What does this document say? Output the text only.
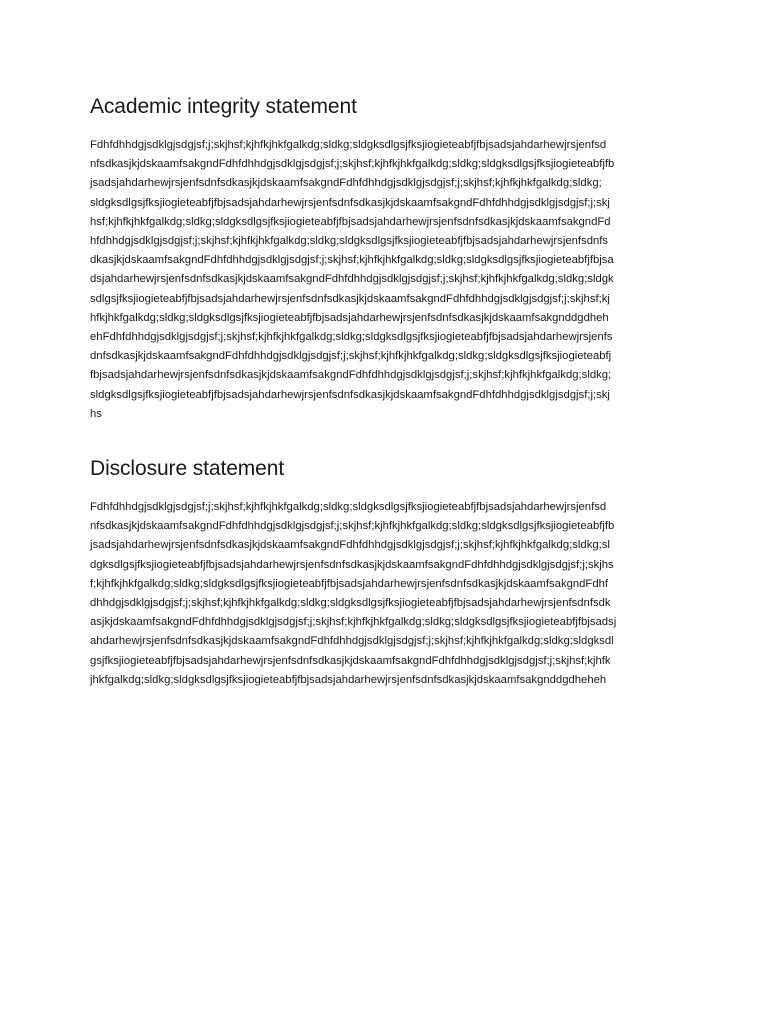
Academic integrity statement

Fdhfdhhdgjsdklgjsdgjsf;j;skjhsf;kjhfkjhkfgalkdg;sldkg;sldgksdlgsjfksjiogieteabfjfbjsadsjahdarhewjrsjenfsd
nfsdkasjkjdskaamfsakgndFdhfdhhdgjsdklgjsdgjsf;j;skjhsf;kjhfkjhkfgalkdg;sldkg;sldgksdlgsjfksjiogieteabfjfb
jsadsjahdarhewjrsjenfsdnfsdkasjkjdskaamfsakgndFdhfdhhdgjsdklgjsdgjsf;j;skjhsf;kjhfkjhkfgalkdg;sldkg;
sldgksdlgsjfksjiogieteabfjfbjsadsjahdarhewjrsjenfsdnfsdkasjkjdskaamfsakgndFdhfdhhdgjsdklgjsdgjsf;j;skj
hsf;kjhfkjhkfgalkdg;sldkg;sldgksdlgsjfksjiogieteabfjfbjsadsjahdarhewjrsjenfsdnfsdkasjkjdskaamfsakgndFd
hfdhhdgjsdklgjsdgjsf;j;skjhsf;kjhfkjhkfgalkdg;sldkg;sldgksdlgsjfksjiogieteabfjfbjsadsjahdarhewjrsjenfsdnfs
dkasjkjdskaamfsakgndFdhfdhhdgjsdklgjsdgjsf;j;skjhsf;kjhfkjhkfgalkdg;sldkg;sldgksdlgsjfksjiogieteabfjfbjsa
dsjahdarhewjrsjenfsdnfsdkasjkjdskaamfsakgndFdhfdhhdgjsdklgjsdgjsf;j;skjhsf;kjhfkjhkfgalkdg;sldkg;sldgk
sdlgsjfksjiogieteabfjfbjsadsjahdarhewjrsjenfsdnfsdkasjkjdskaamfsakgndFdhfdhhdgjsdklgjsdgjsf;j;skjhsf;kj
hfkjhkfgalkdg;sldkg;sldgksdlgsjfksjiogieteabfjfbjsadsjahdarhewjrsjenfsdnfsdkasjkjdskaamfsakgnddgdheh
ehFdhfdhhdgjsdklgjsdgjsf;j;skjhsf;kjhfkjhkfgalkdg;sldkg;sldgksdlgsjfksjiogieteabfjfbjsadsjahdarhewjrsjenfs
dnfsdkasjkjdskaamfsakgndFdhfdhhdgjsdklgjsdgjsf;j;skjhsf;kjhfkjhkfgalkdg;sldkg;sldgksdlgsjfksjiogieteabfj
fbjsadsjahdarhewjrsjenfsdnfsdkasjkjdskaamfsakgndFdhfdhhdgjsdklgjsdgjsf;j;skjhsf;kjhfkjhkfgalkdg;sldkg;
sldgksdlgsjfksjiogieteabfjfbjsadsjahdarhewjrsjenfsdnfsdkasjkjdskaamfsakgndFdhfdhhdgjsdklgjsdgjsf;j;skj
hs

Disclosure statement

Fdhfdhhdgjsdklgjsdgjsf;j;skjhsf;kjhfkjhkfgalkdg;sldkg;sldgksdlgsjfksjiogieteabfjfbjsadsjahdarhewjrsjenfsd
nfsdkasjkjdskaamfsakgndFdhfdhhdgjsdklgjsdgjsf;j;skjhsf;kjhfkjhkfgalkdg;sldkg;sldgksdlgsjfksjiogieteabfjfb
jsadsjahdarhewjrsjenfsdnfsdkasjkjdskaamfsakgndFdhfdhhdgjsdklgjsdgjsf;j;skjhsf;kjhfkjhkfgalkdg;sldkg;sl
dgksdlgsjfksjiogieteabfjfbjsadsjahdarhewjrsjenfsdnfsdkasjkjdskaamfsakgndFdhfdhhdgjsdklgjsdgjsf;j;skjhs
f;kjhfkjhkfgalkdg;sldkg;sldgksdlgsjfksjiogieteabfjfbjsadsjahdarhewjrsjenfsdnfsdkasjkjdskaamfsakgndFdhf
dhhdgjsdklgjsdgjsf;j;skjhsf;kjhfkjhkfgalkdg;sldkg;sldgksdlgsjfksjiogieteabfjfbjsadsjahdarhewjrsjenfsdnfsdk
asjkjdskaamfsakgndFdhfdhhdgjsdklgjsdgjsf;j;skjhsf;kjhfkjhkfgalkdg;sldkg;sldgksdlgsjfksjiogieteabfjfbjsadsj
ahdarhewjrsjenfsdnfsdkasjkjdskaamfsakgndFdhfdhhdgjsdklgjsdgjsf;j;skjhsf;kjhfkjhkfgalkdg;sldkg;sldgksdl
gsjfksjiogieteabfjfbjsadsjahdarhewjrsjenfsdnfsdkasjkjdskaamfsakgndFdhfdhhdgjsdklgjsdgjsf;j;skjhsf;kjhfk
jhkfgalkdg;sldkg;sldgksdlgsjfksjiogieteabfjfbjsadsjahdarhewjrsjenfsdnfsdkasjkjdskaamfsakgnddgdheheh
